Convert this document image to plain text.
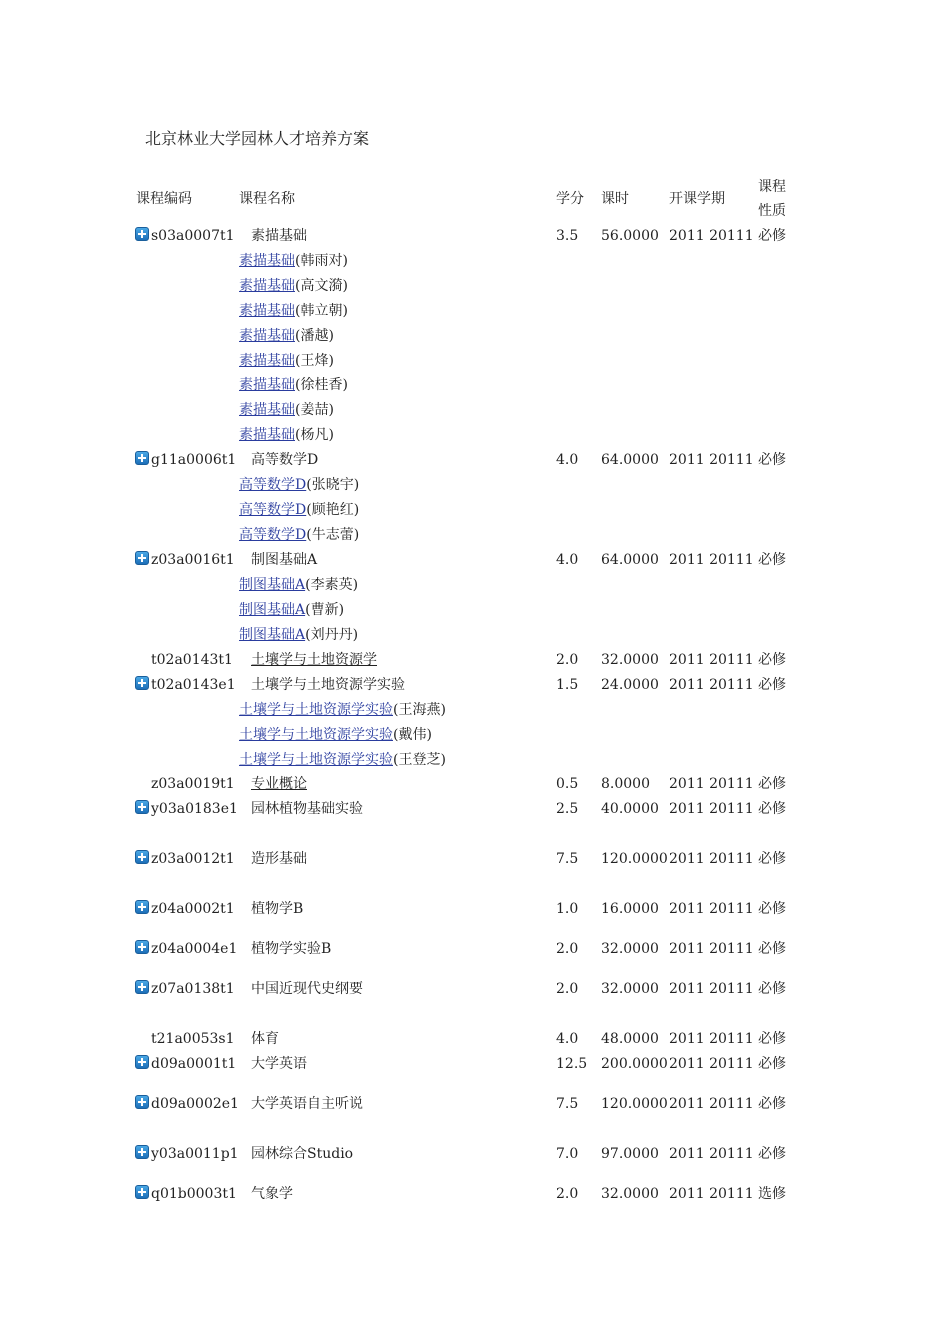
北京林业大学园林人才培养方案
课程编码	课程名称	学分 课时	开课学期
课程
性质
s03a0007t1 素描基础	3.5 56.0000 2011 20111 必修
素描基础(韩雨对)
素描基础(高文漪)
素描基础(韩立朝)
素描基础(潘越)
素描基础(王烽)
素描基础(徐桂香)
素描基础(姜喆)
素描基础(杨凡)
g11a0006t1 高等数学D	4.0 64.0000 2011 20111 必修
高等数学D(张晓宇)
高等数学D(顾艳红)
高等数学D(牛志蕾)
z03a0016t1 制图基础A	4.0 64.0000 2011 20111 必修
制图基础A(李素英)
制图基础A(曹新)
制图基础A(刘丹丹)
t02a0143t1 土壤学与土地资源学	2.0 32.0000 2011 20111 必修
t02a0143e1 土壤学与土地资源学实验	1.5 24.0000 2011 20111 必修
土壤学与土地资源学实验(王海燕)
土壤学与土地资源学实验(戴伟)
土壤学与土地资源学实验(王登芝)
z03a0019t1 专业概论	0.5 8.0000 2011 20111 必修
y03a0183e1 园林植物基础实验	2.5 40.0000 2011 20111 必修
z03a0012t1 造形基础	7.5 120.0000 2011 20111 必修
z04a0002t1 植物学B	1.0 16.0000 2011 20111 必修
z04a0004e1 植物学实验B	2.0 32.0000 2011 20111 必修
z07a0138t1 中国近现代史纲要	2.0 32.0000 2011 20111 必修
t21a0053s1 体育	4.0 48.0000 2011 20111 必修
d09a0001t1 大学英语	12.5 200.0000 2011 20111 必修
d09a0002e1 大学英语自主听说	7.5 120.0000 2011 20111 必修
y03a0011p1 园林综合Studio	7.0 97.0000 2011 20111 必修
q01b0003t1 气象学	2.0 32.0000 2011 20111 选修
